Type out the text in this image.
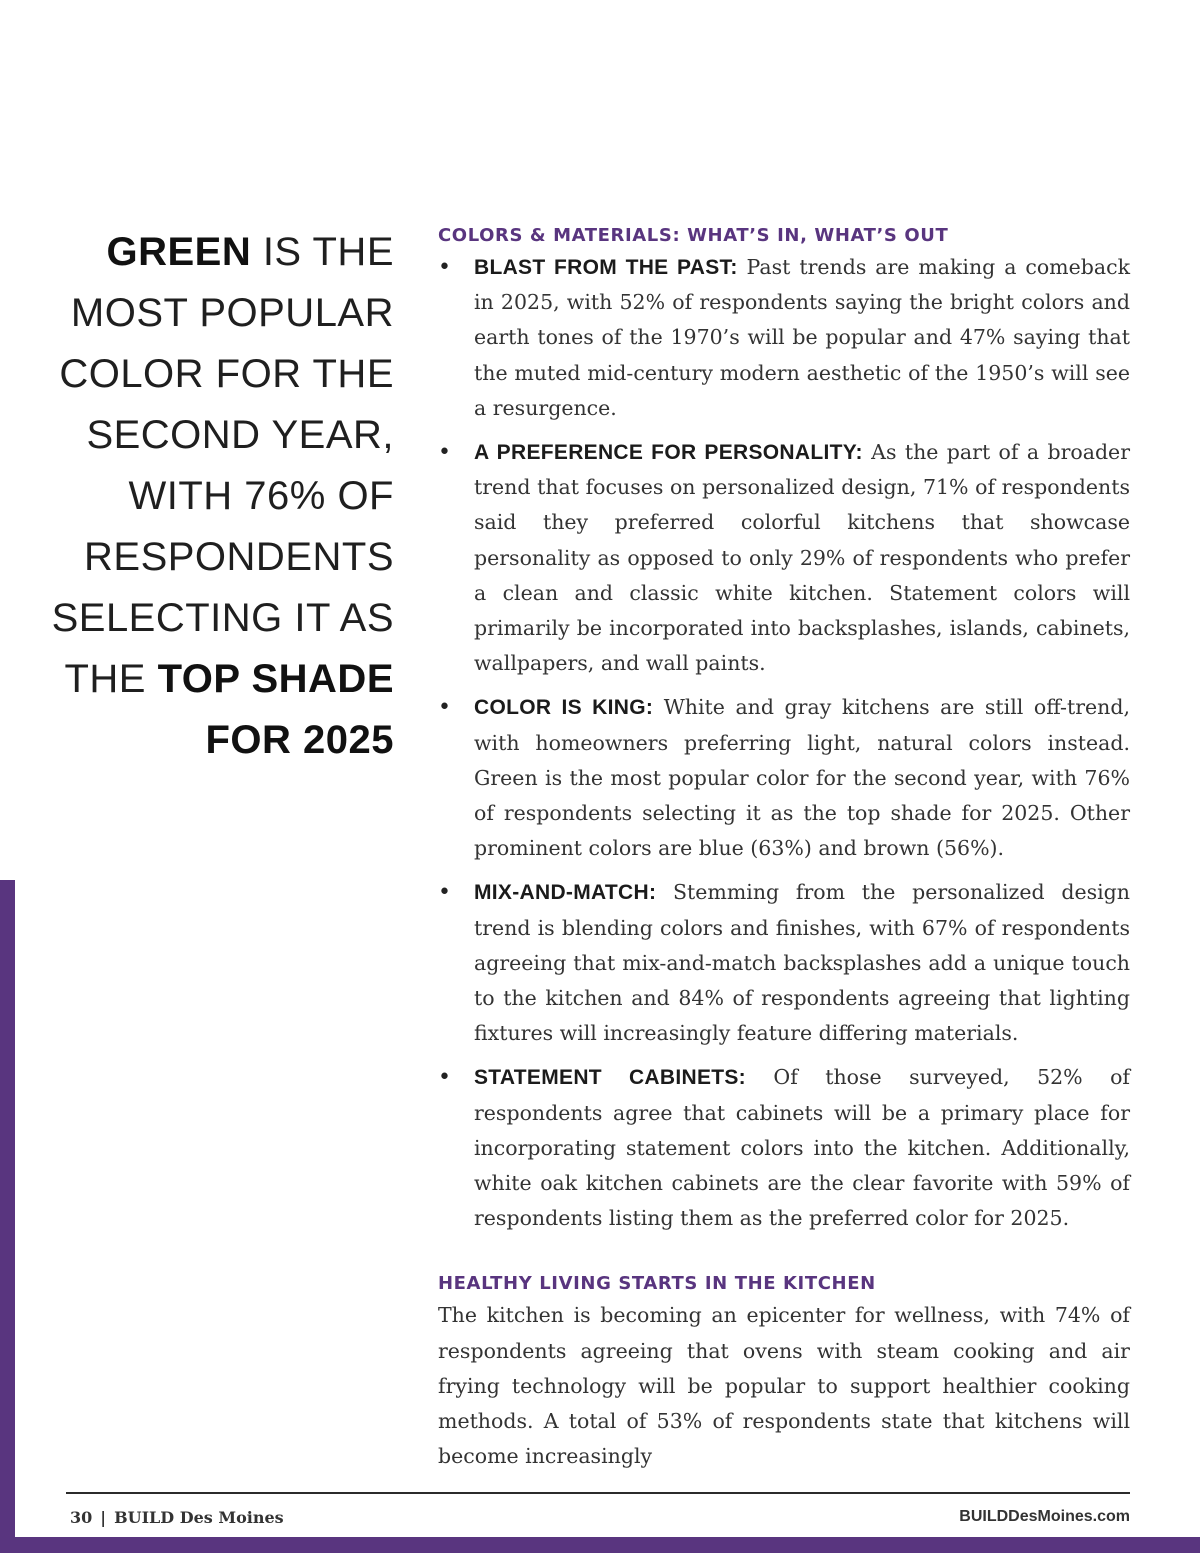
GREEN IS THE MOST POPULAR COLOR FOR THE SECOND YEAR, WITH 76% OF RESPONDENTS SELECTING IT AS THE TOP SHADE FOR 2025

COLORS & MATERIALS: WHAT’S IN, WHAT’S OUT
• BLAST FROM THE PAST: Past trends are making a comeback in 2025, with 52% of respondents saying the bright colors and earth tones of the 1970’s will be popular and 47% saying that the muted mid-century modern aesthetic of the 1950’s will see a resurgence.
• A PREFERENCE FOR PERSONALITY: As the part of a broader trend that focuses on personalized design, 71% of respondents said they preferred colorful kitchens that showcase personality as opposed to only 29% of respondents who prefer a clean and classic white kitchen. Statement colors will primarily be incorporated into backsplashes, islands, cabinets, wallpapers, and wall paints.
• COLOR IS KING: White and gray kitchens are still off-trend, with homeowners preferring light, natural colors instead. Green is the most popular color for the second year, with 76% of respondents selecting it as the top shade for 2025. Other prominent colors are blue (63%) and brown (56%).
• MIX-AND-MATCH: Stemming from the personalized design trend is blending colors and finishes, with 67% of respondents agreeing that mix-and-match backsplashes add a unique touch to the kitchen and 84% of respondents agreeing that lighting fixtures will increasingly feature differing materials.
• STATEMENT CABINETS: Of those surveyed, 52% of respondents agree that cabinets will be a primary place for incorporating statement colors into the kitchen. Additionally, white oak kitchen cabinets are the clear favorite with 59% of respondents listing them as the preferred color for 2025.
HEALTHY LIVING STARTS IN THE KITCHEN

The kitchen is becoming an epicenter for wellness, with 74% of respondents agreeing that ovens with steam cooking and air frying technology will be popular to support healthier cooking methods. A total of 53% of respondents state that kitchens will become increasingly

30 | BUILD Des Moines	BUILDDesMoines.com
